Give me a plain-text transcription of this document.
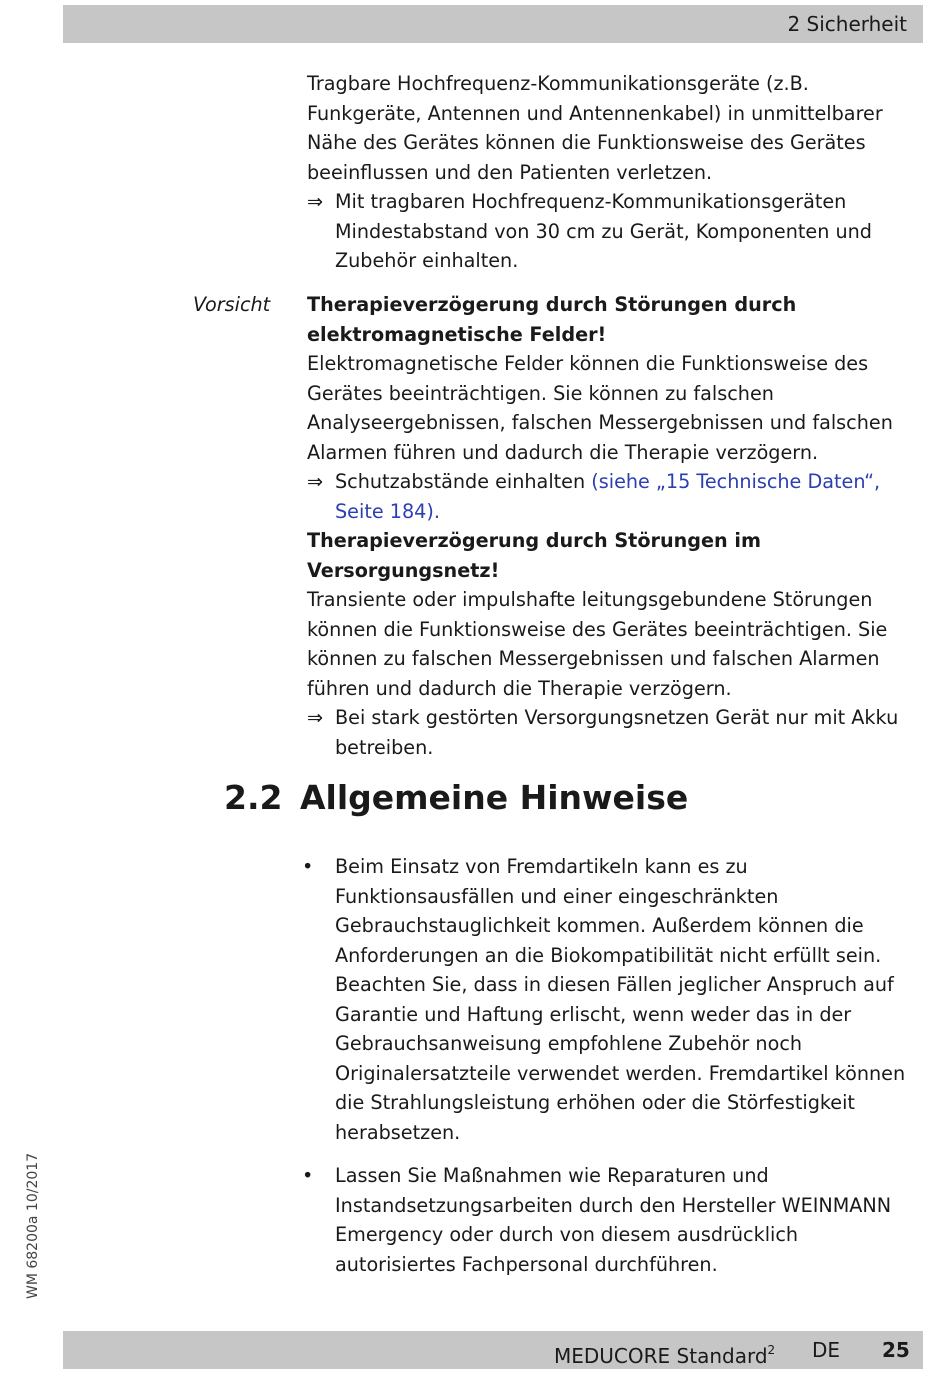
2 Sicherheit

Tragbare Hochfrequenz-Kommunikationsgeräte (z.B. Funkgeräte, Antennen und Antennenkabel) in unmittelbarer Nähe des Gerätes können die Funktionsweise des Gerätes beeinflussen und den Patienten verletzen.

⇒ Mit tragbaren Hochfrequenz-Kommunikationsgeräten Mindestabstand von 30 cm zu Gerät, Komponenten und Zubehör einhalten.

Vorsicht Therapieverzögerung durch Störungen durch elektromagnetische Felder!

Elektromagnetische Felder können die Funktionsweise des Gerätes beeinträchtigen. Sie können zu falschen Analyseergebnissen, falschen Messergebnissen und falschen Alarmen führen und dadurch die Therapie verzögern.

⇒ Schutzabstände einhalten (siehe „15 Technische Daten“, Seite 184).

Therapieverzögerung durch Störungen im Versorgungsnetz!

Transiente oder impulshafte leitungsgebundene Störungen können die Funktionsweise des Gerätes beeinträchtigen. Sie können zu falschen Messergebnissen und falschen Alarmen führen und dadurch die Therapie verzögern.

⇒ Bei stark gestörten Versorgungsnetzen Gerät nur mit Akku betreiben.

2.2 Allgemeine Hinweise
• Beim Einsatz von Fremdartikeln kann es zu Funktionsausfällen und einer eingeschränkten Gebrauchstauglichkeit kommen. Außerdem können die Anforderungen an die Biokompatibilität nicht erfüllt sein. Beachten Sie, dass in diesen Fällen jeglicher Anspruch auf Garantie und Haftung erlischt, wenn weder das in der Gebrauchsanweisung empfohlene Zubehör noch Originalersatzteile verwendet werden. Fremdartikel können die Strahlungsleistung erhöhen oder die Störfestigkeit herabsetzen.
• Lassen Sie Maßnahmen wie Reparaturen und Instandsetzungsarbeiten durch den Hersteller WEINMANN Emergency oder durch von diesem ausdrücklich autorisiertes Fachpersonal durchführen.
WM 68200a 10/2017
MEDUCORE Standard$^2$ DE 25
